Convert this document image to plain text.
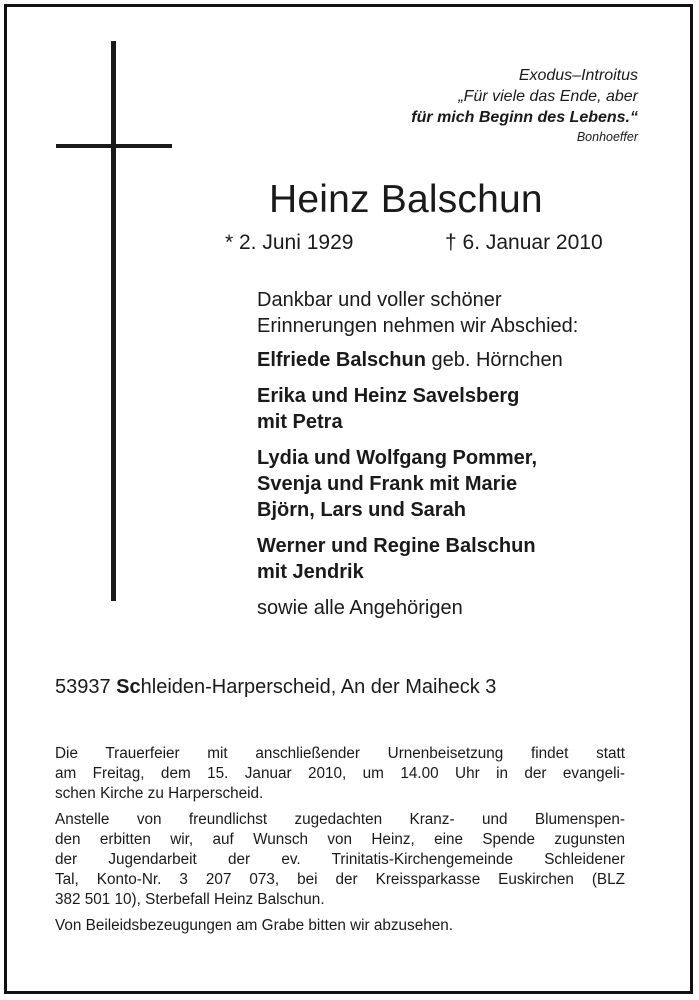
Exodus–Introitus
„Für viele das Ende, aber
für mich Beginn des Lebens.“
Bonhoeffer
Heinz Balschun
* 2. Juni 1929	† 6. Januar 2010
Dankbar und voller schöner
Erinnerungen nehmen wir Abschied:
Elfriede Balschun geb. Hörnchen
Erika und Heinz Savelsberg
mit Petra
Lydia und Wolfgang Pommer,
Svenja und Frank mit Marie
Björn, Lars und Sarah
Werner und Regine Balschun
mit Jendrik
sowie alle Angehörigen
53937 Schleiden-Harperscheid, An der Maiheck 3

Die Trauerfeier mit anschließender Urnenbeisetzung findet statt
am Freitag, dem 15. Januar 2010, um 14.00 Uhr in der evangeli-
schen Kirche zu Harperscheid.

Anstelle von freundlichst zugedachten Kranz- und Blumenspen-
den erbitten wir, auf Wunsch von Heinz, eine Spende zugunsten
der Jugendarbeit der ev. Trinitatis-Kirchengemeinde Schleidener
Tal, Konto-Nr. 3 207 073, bei der Kreissparkasse Euskirchen (BLZ
382 501 10), Sterbefall Heinz Balschun.

Von Beileidsbezeugungen am Grabe bitten wir abzusehen.
